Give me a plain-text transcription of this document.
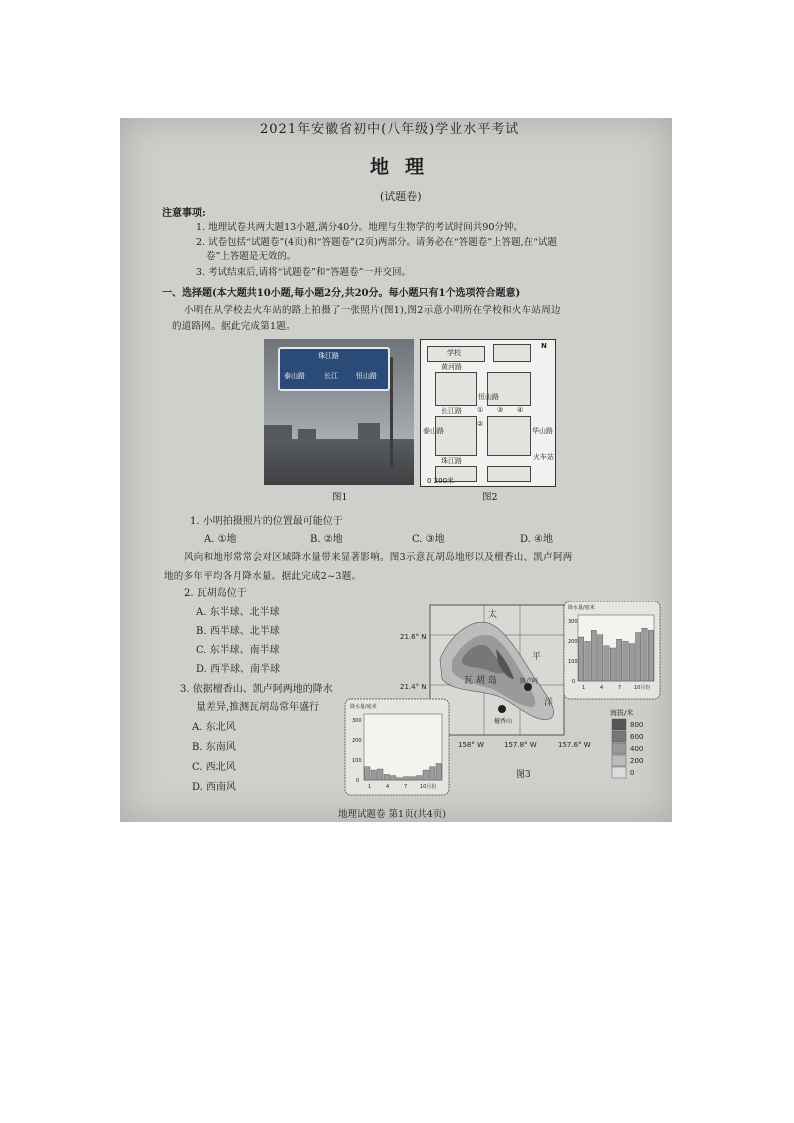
2021年安徽省初中(八年级)学业水平考试
地理
(试题卷)
注意事项:
1. 地理试卷共两大题13小题,满分40分。地理与生物学的考试时间共90分钟。
2. 试卷包括“试题卷”(4页)和“答题卷”(2页)两部分。请务必在“答题卷”上答题,在“试题
卷”上答题是无效的。
3. 考试结束后,请将“试题卷”和“答题卷”一并交回。
一、选择题(本大题共10小题,每小题2分,共20分。每小题只有1个选项符合题意)
小明在从学校去火车站的路上拍摄了一张照片(图1),图2示意小明所在学校和火车站周边
的道路网。据此完成第1题。
珠江路
泰山路	长江	恒山路
图1
学校
N
黄河路
长江路
珠江路
泰山路
恒山路
华山路
火车站
①
②
③ ④
0 200米
图2
1. 小明拍摄照片的位置最可能位于
A. ①地	B. ②地	C. ③地	D. ④地
风向和地形常常会对区域降水量带来显著影响。图3示意瓦胡岛地形以及檀香山、凯卢阿两
地的多年平均各月降水量。据此完成2~3题。
2. 瓦胡岛位于
A. 东半球、北半球
B. 西半球、北半球
C. 东半球、南半球
D. 西半球、南半球
3. 依据檀香山、凯卢阿两地的降水
量差异,推测瓦胡岛常年盛行
A. 东北风
B. 东南风
C. 西北风
D. 西南风
瓦 胡 岛	凯卢阿
檀香山
太
平
洋
21.6° N
21.4° N
158° W	157.8° W	157.6° W
图3
降水量/毫米
300
200
100
0
1	4	7	10月份
海拔/米
800
600
400
200
0
降水量/毫米
300
200
100
0
1	4	7	10月份
地理试题卷 第1页(共4页)
